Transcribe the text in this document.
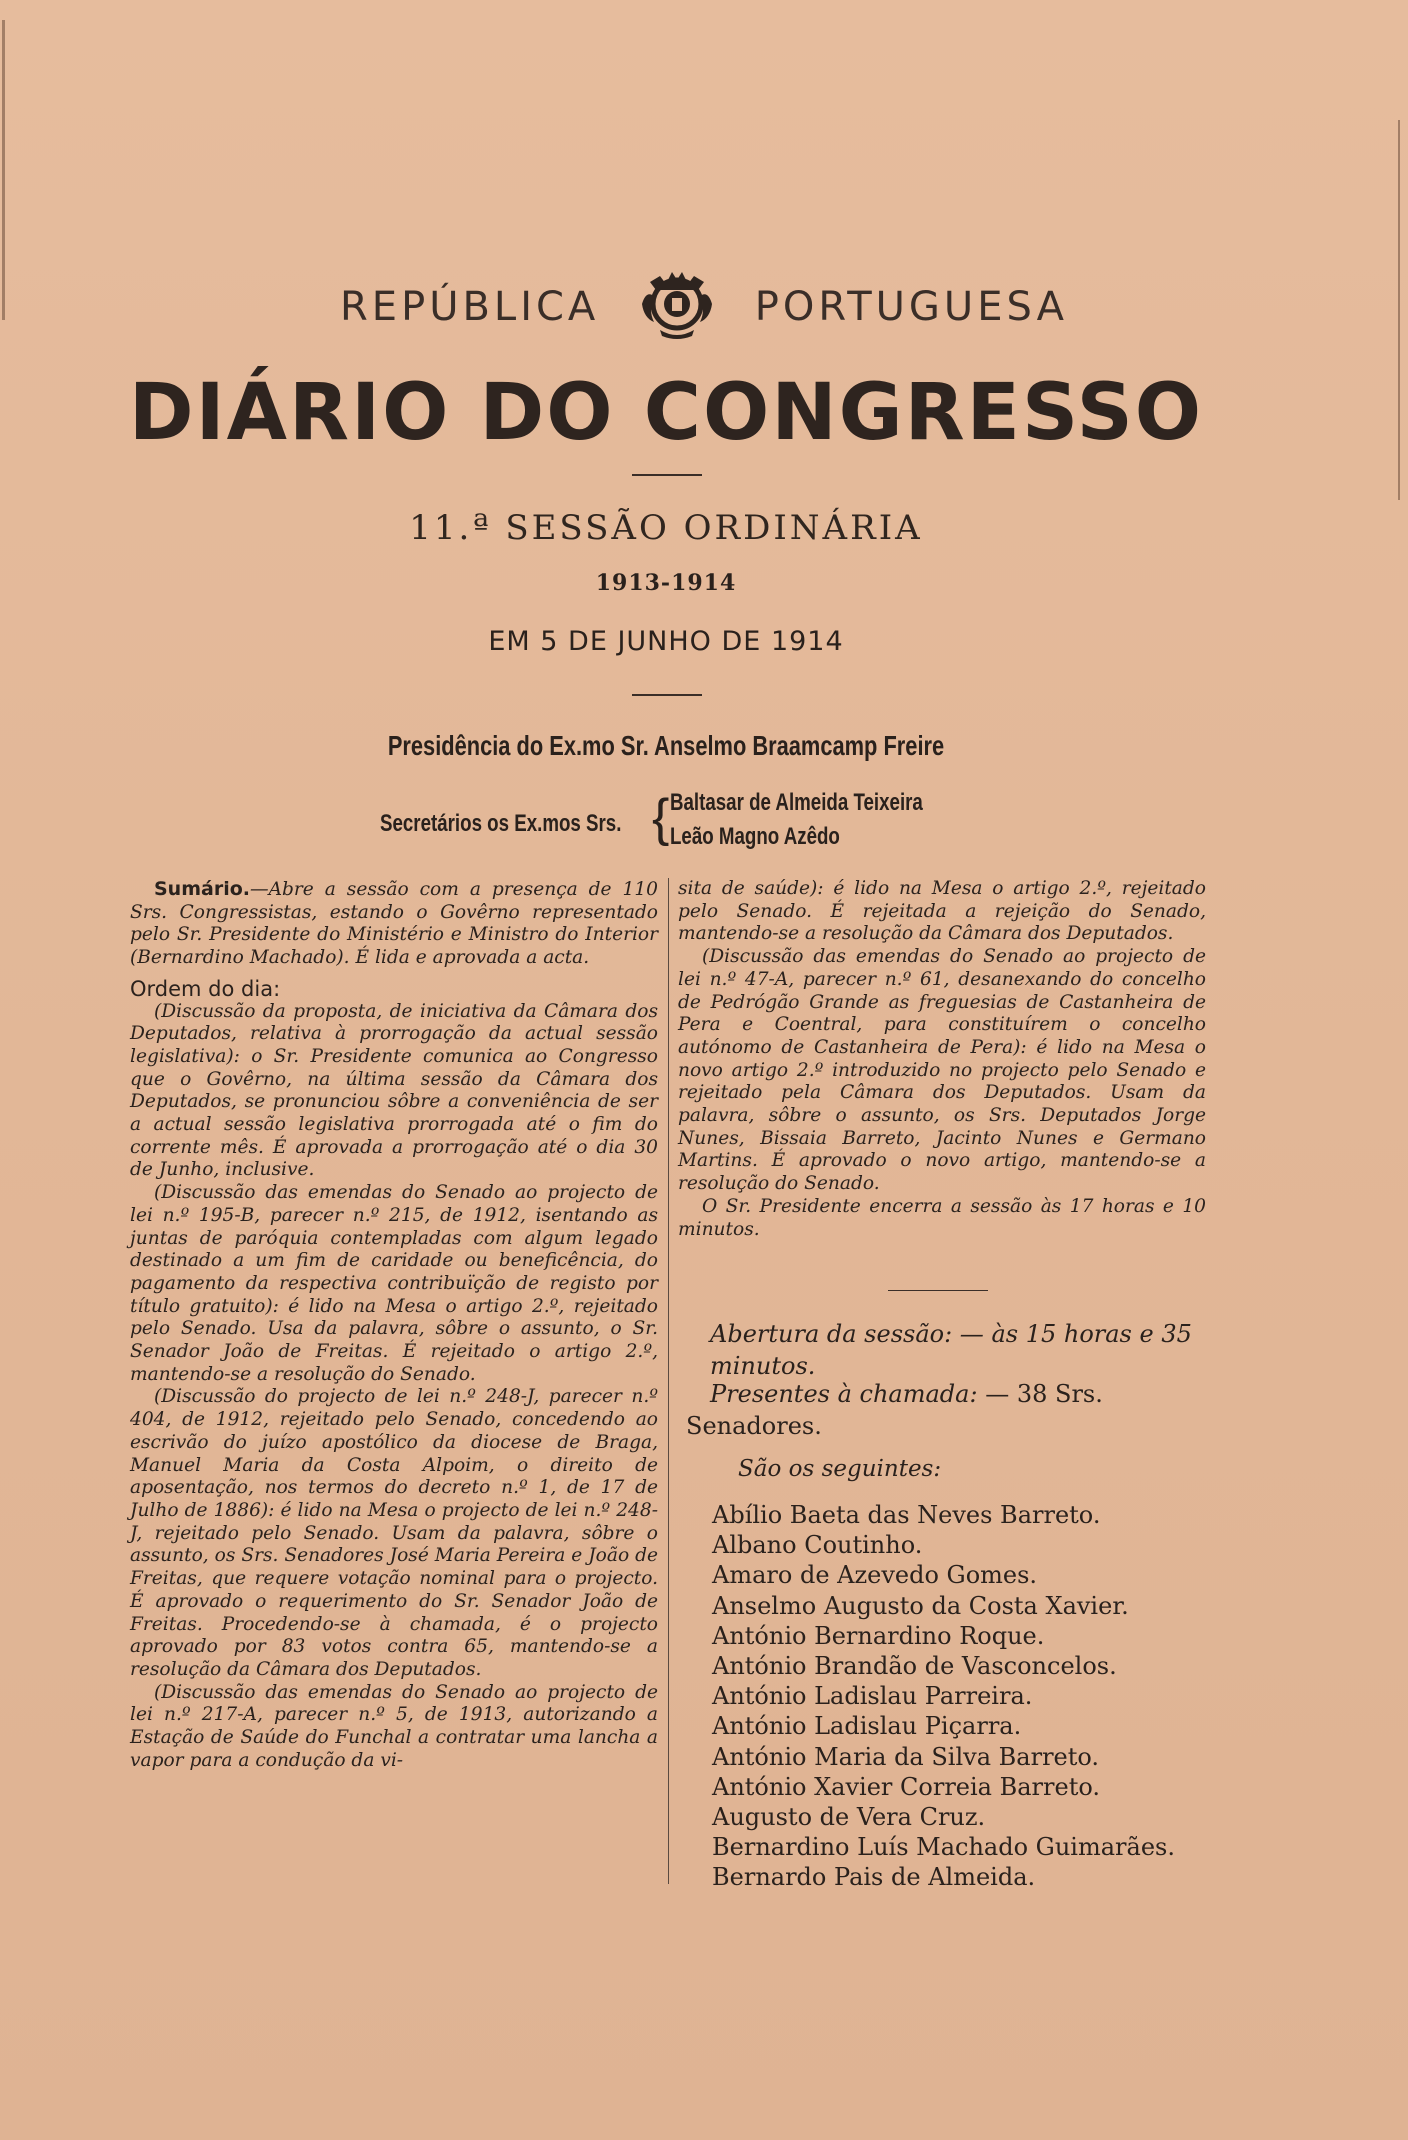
REPÚBLICA	PORTUGUESA
DIÁRIO DO CONGRESSO
11.ª SESSÃO ORDINÁRIA
1913-1914
EM 5 DE JUNHO DE 1914
Presidência do Ex.mo Sr. Anselmo Braamcamp Freire
Secretários os Ex.mos Srs. { Baltasar de Almeida Teixeira
Leão Magno Azêdo

Sumário.—Abre a sessão com a presença de 110 Srs. Congressistas, estando o Govêrno representado pelo Sr. Presidente do Ministério e Ministro do Interior (Bernardino Machado). É lida e aprovada a acta.

Ordem do dia:

(Discussão da proposta, de iniciativa da Câmara dos Deputados, relativa à prorrogação da actual sessão legislativa): o Sr. Presidente comunica ao Congresso que o Govêrno, na última sessão da Câmara dos Deputados, se pronunciou sôbre a conveniência de ser a actual sessão legislativa prorrogada até o fim do corrente mês. É aprovada a prorrogação até o dia 30 de Junho, inclusive.

(Discussão das emendas do Senado ao projecto de lei n.º 195-B, parecer n.º 215, de 1912, isentando as juntas de paróquia contempladas com algum legado destinado a um fim de caridade ou beneficência, do pagamento da respectiva contribuïção de registo por título gratuito): é lido na Mesa o artigo 2.º, rejeitado pelo Senado. Usa da palavra, sôbre o assunto, o Sr. Senador João de Freitas. É rejeitado o artigo 2.º, mantendo-se a resolução do Senado.

(Discussão do projecto de lei n.º 248-J, parecer n.º 404, de 1912, rejeitado pelo Senado, concedendo ao escrivão do juízo apostólico da diocese de Braga, Manuel Maria da Costa Alpoim, o direito de aposentação, nos termos do decreto n.º 1, de 17 de Julho de 1886): é lido na Mesa o projecto de lei n.º 248-J, rejeitado pelo Senado. Usam da palavra, sôbre o assunto, os Srs. Senadores José Maria Pereira e João de Freitas, que requere votação nominal para o projecto. É aprovado o requerimento do Sr. Senador João de Freitas. Procedendo-se à chamada, é o projecto aprovado por 83 votos contra 65, mantendo-se a resolução da Câmara dos Deputados.

(Discussão das emendas do Senado ao projecto de lei n.º 217-A, parecer n.º 5, de 1913, autorizando a Estação de Saúde do Funchal a contratar uma lancha a vapor para a condução da vi-

sita de saúde): é lido na Mesa o artigo 2.º, rejeitado pelo Senado. É rejeitada a rejeição do Senado, mantendo-se a resolução da Câmara dos Deputados.

(Discussão das emendas do Senado ao projecto de lei n.º 47-A, parecer n.º 61, desanexando do concelho de Pedrógão Grande as freguesias de Castanheira de Pera e Coentral, para constituírem o concelho autónomo de Castanheira de Pera): é lido na Mesa o novo artigo 2.º introduzido no projecto pelo Senado e rejeitado pela Câmara dos Deputados. Usam da palavra, sôbre o assunto, os Srs. Deputados Jorge Nunes, Bissaia Barreto, Jacinto Nunes e Germano Martins. É aprovado o novo artigo, mantendo-se a resolução do Senado.

O Sr. Presidente encerra a sessão às 17 horas e 10 minutos.

Abertura da sessão: — às 15 horas e 35 minutos.
Presentes à chamada: — 38 Srs. Senadores.
São os seguintes:
Abílio Baeta das Neves Barreto.
Albano Coutinho.
Amaro de Azevedo Gomes.
Anselmo Augusto da Costa Xavier.
António Bernardino Roque.
António Brandão de Vasconcelos.
António Ladislau Parreira.
António Ladislau Piçarra.
António Maria da Silva Barreto.
António Xavier Correia Barreto.
Augusto de Vera Cruz.
Bernardino Luís Machado Guimarães.
Bernardo Pais de Almeida.
